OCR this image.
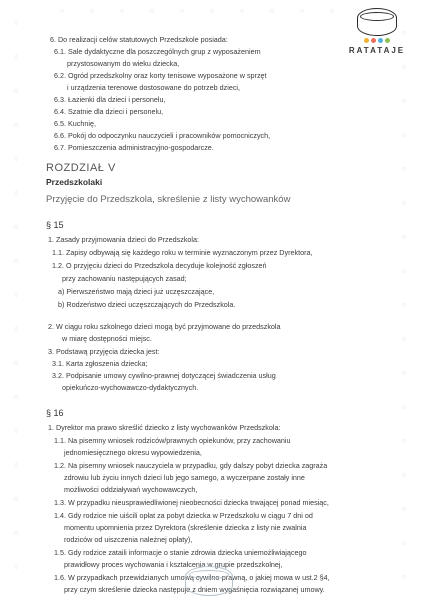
○
○
○
○
○
○
○
○
○
○
○
○
○
○
○
○
○
○
○
○
○
○
○
○
○
○
○
○
○
○
○
○
○
○
○	○	○	○	○	○	○	○	○	○
RATATAJE
6. Do realizacji celów statutowych Przedszkole posiada:
6.1. Sale dydaktyczne dla poszczególnych grup z wyposażeniem
przystosowanym do wieku dziecka,
6.2. Ogród przedszkolny oraz korty tenisowe wyposażone w sprzęt
i urządzenia terenowe dostosowane do potrzeb dzieci,
6.3. Łazienki dla dzieci i personelu,
6.4. Szatnie dla dzieci i personelu,
6.5. Kuchnię,
6.6. Pokój do odpoczynku nauczycieli i pracowników pomocniczych,
6.7. Pomieszczenia administracyjno-gospodarcze.
ROZDZIAŁ V
Przedszkolaki
Przyjęcie do Przedszkola, skreślenie z listy wychowanków
§ 15
1. Zasady przyjmowania dzieci do Przedszkola:
1.1. Zapisy odbywają się każdego roku w terminie wyznaczonym przez Dyrektora,
1.2. O przyjęciu dzieci do Przedszkola decyduje kolejność zgłoszeń
przy zachowaniu następujących zasad;
a) Pierwszeństwo mają dzieci już uczęszczające,
b) Rodzeństwo dzieci uczęszczających do Przedszkola.
2. W ciągu roku szkolnego dzieci mogą być przyjmowane do przedszkola
w miarę dostępności miejsc.
3. Podstawą przyjęcia dziecka jest:
3.1. Karta zgłoszenia dziecka;
3.2. Podpisanie umowy cywilno-prawnej dotyczącej świadczenia usług
opiekuńczo-wychowawczo-dydaktycznych.
§ 16
1. Dyrektor ma prawo skreślić dziecko z listy wychowanków Przedszkola:
1.1. Na pisemny wniosek rodziców/prawnych opiekunów, przy zachowaniu
jednomiesięcznego okresu wypowiedzenia,
1.2. Na pisemny wniosek nauczyciela w przypadku, gdy dalszy pobyt dziecka zagraża
zdrowiu lub życiu innych dzieci lub jego samego, a wyczerpane zostały inne
możliwości oddziaływań wychowawczych,
1.3. W przypadku nieusprawiedliwionej nieobecności dziecka trwającej ponad miesiąc,
1.4. Gdy rodzice nie uiścili opłat za pobyt dziecka w Przedszkolu w ciągu 7 dni od
momentu upomnienia przez Dyrektora (skreślenie dziecka z listy nie zwalnia
rodziców od uiszczenia należnej opłaty),
1.5. Gdy rodzice zataili informacje o stanie zdrowia dziecka uniemożliwiającego
prawidłowy proces wychowania i kształcenia w grupie przedszkolnej,
1.6. W przypadkach przewidzianych umową cywilno-prawną, o jakiej mowa w ust.2 §4,
przy czym skreślenie dziecka następuje z dniem wygaśnięcia rozwiązanej umowy.
